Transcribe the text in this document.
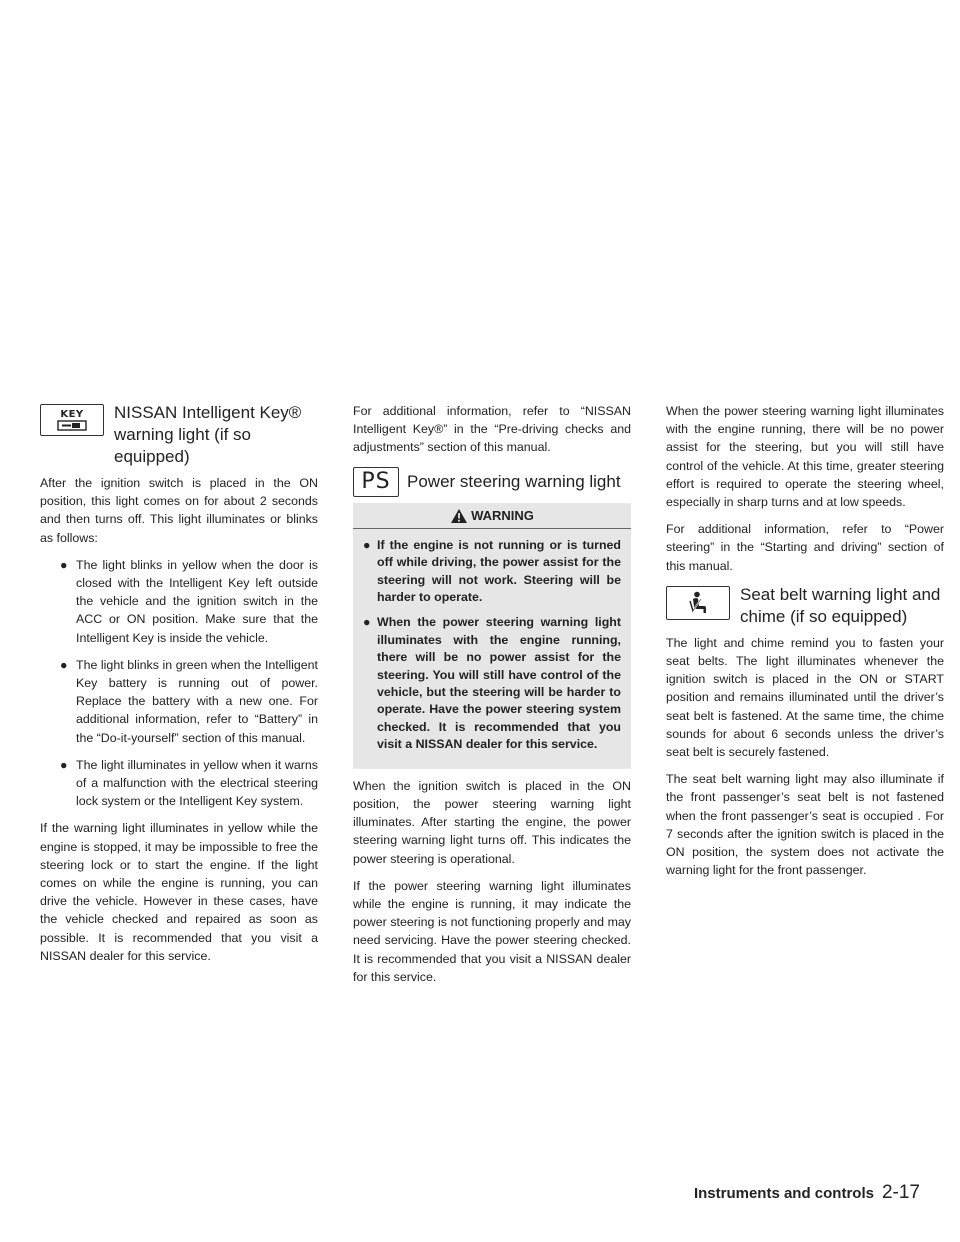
KEY NISSAN Intelligent Key®
warning light (if so equipped)

After the ignition switch is placed in the ON position, this light comes on for about 2 seconds and then turns off. This light illuminates or blinks as follows:

● The light blinks in yellow when the door is closed with the Intelligent Key left outside the vehicle and the ignition switch in the ACC or ON position. Make sure that the Intelligent Key is inside the vehicle.
● The light blinks in green when the Intelligent Key battery is running out of power. Replace the battery with a new one. For additional information, refer to “Battery” in the “Do-it-yourself” section of this manual.
● The light illuminates in yellow when it warns of a malfunction with the electrical steering lock system or the Intelligent Key system.

If the warning light illuminates in yellow while the engine is stopped, it may be impossible to free the steering lock or to start the engine. If the light comes on while the engine is running, you can drive the vehicle. However in these cases, have the vehicle checked and repaired as soon as possible. It is recommended that you visit a NISSAN dealer for this service.

For additional information, refer to “NISSAN Intelligent Key®” in the “Pre-driving checks and adjustments” section of this manual.

PS Power steering warning light
WARNING
● If the engine is not running or is turned off while driving, the power assist for the steering will not work. Steering will be harder to operate.
● When the power steering warning light illuminates with the engine running, there will be no power assist for the steering. You will still have control of the vehicle, but the steering will be harder to operate. Have the power steering system checked. It is recommended that you visit a NISSAN dealer for this service.

When the ignition switch is placed in the ON position, the power steering warning light illuminates. After starting the engine, the power steering warning light turns off. This indicates the power steering is operational.

If the power steering warning light illuminates while the engine is running, it may indicate the power steering is not functioning properly and may need servicing. Have the power steering checked. It is recommended that you visit a NISSAN dealer for this service.

When the power steering warning light illuminates with the engine running, there will be no power assist for the steering, but you will still have control of the vehicle. At this time, greater steering effort is required to operate the steering wheel, especially in sharp turns and at low speeds.

For additional information, refer to “Power steering” in the “Starting and driving” section of this manual.

Seat belt warning light and
chime (if so equipped)

The light and chime remind you to fasten your seat belts. The light illuminates whenever the ignition switch is placed in the ON or START position and remains illuminated until the driver’s seat belt is fastened. At the same time, the chime sounds for about 6 seconds unless the driver’s seat belt is securely fastened.

The seat belt warning light may also illuminate if the front passenger’s seat belt is not fastened when the front passenger’s seat is occupied . For 7 seconds after the ignition switch is placed in the ON position, the system does not activate the warning light for the front passenger.

Instruments and controls 2-17
